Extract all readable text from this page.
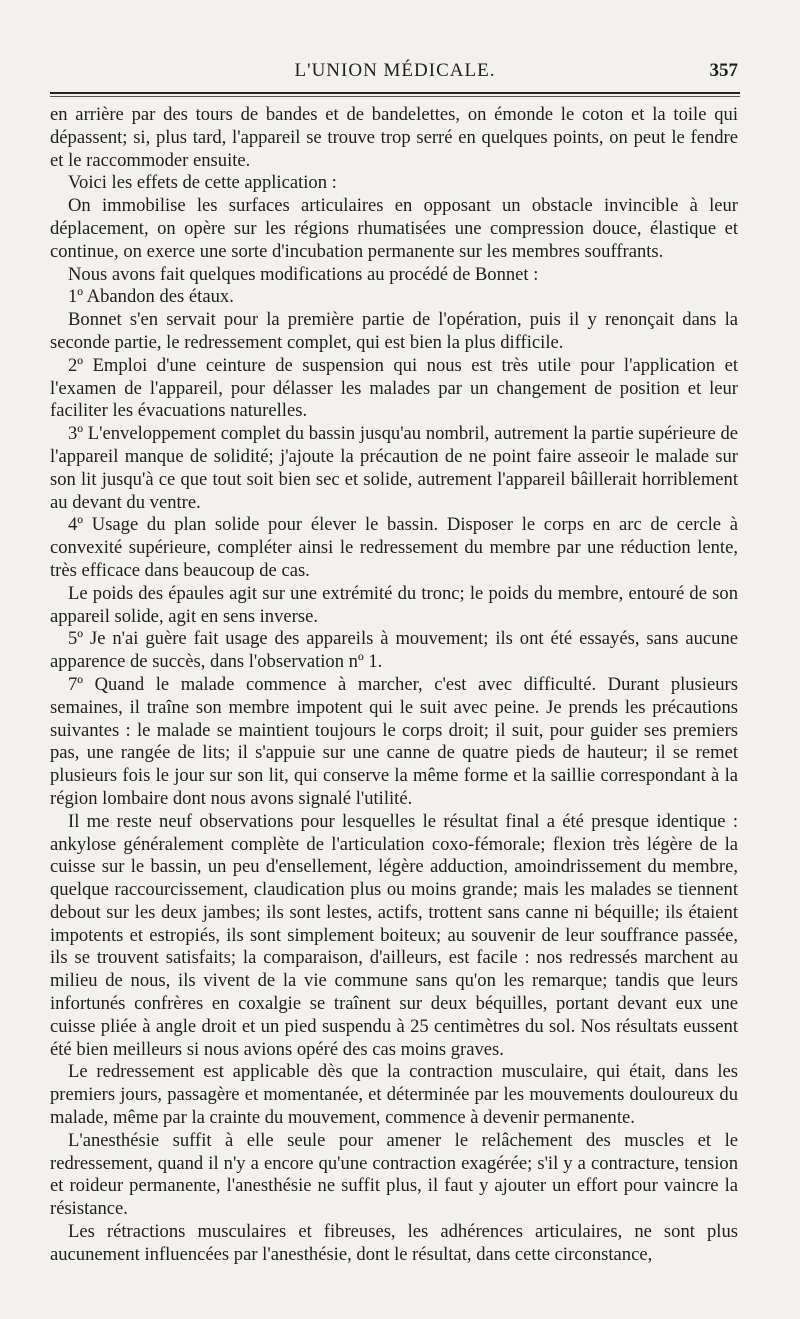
L'UNION MÉDICALE.	357

en arrière par des tours de bandes et de bandelettes, on émonde le coton et la toile qui dépassent; si, plus tard, l'appareil se trouve trop serré en quelques points, on peut le fendre et le raccommoder ensuite.

Voici les effets de cette application :

On immobilise les surfaces articulaires en opposant un obstacle invincible à leur déplacement, on opère sur les régions rhumatisées une compression douce, élastique et continue, on exerce une sorte d'incubation permanente sur les membres souffrants.

Nous avons fait quelques modifications au procédé de Bonnet :

1º Abandon des étaux.

Bonnet s'en servait pour la première partie de l'opération, puis il y renonçait dans la seconde partie, le redressement complet, qui est bien la plus difficile.

2º Emploi d'une ceinture de suspension qui nous est très utile pour l'application et l'examen de l'appareil, pour délasser les malades par un changement de position et leur faciliter les évacuations naturelles.

3º L'enveloppement complet du bassin jusqu'au nombril, autrement la partie supérieure de l'appareil manque de solidité; j'ajoute la précaution de ne point faire asseoir le malade sur son lit jusqu'à ce que tout soit bien sec et solide, autrement l'appareil bâillerait horriblement au devant du ventre.

4º Usage du plan solide pour élever le bassin. Disposer le corps en arc de cercle à convexité supérieure, compléter ainsi le redressement du membre par une réduction lente, très efficace dans beaucoup de cas.

Le poids des épaules agit sur une extrémité du tronc; le poids du membre, entouré de son appareil solide, agit en sens inverse.

5º Je n'ai guère fait usage des appareils à mouvement; ils ont été essayés, sans aucune apparence de succès, dans l'observation nº 1.

7º Quand le malade commence à marcher, c'est avec difficulté. Durant plusieurs semaines, il traîne son membre impotent qui le suit avec peine. Je prends les précautions suivantes : le malade se maintient toujours le corps droit; il suit, pour guider ses premiers pas, une rangée de lits; il s'appuie sur une canne de quatre pieds de hauteur; il se remet plusieurs fois le jour sur son lit, qui conserve la même forme et la saillie correspondant à la région lombaire dont nous avons signalé l'utilité.

Il me reste neuf observations pour lesquelles le résultat final a été presque identique : ankylose généralement complète de l'articulation coxo-fémorale; flexion très légère de la cuisse sur le bassin, un peu d'ensellement, légère adduction, amoindrissement du membre, quelque raccourcissement, claudication plus ou moins grande; mais les malades se tiennent debout sur les deux jambes; ils sont lestes, actifs, trottent sans canne ni béquille; ils étaient impotents et estropiés, ils sont simplement boiteux; au souvenir de leur souffrance passée, ils se trouvent satisfaits; la comparaison, d'ailleurs, est facile : nos redressés marchent au milieu de nous, ils vivent de la vie commune sans qu'on les remarque; tandis que leurs infortunés confrères en coxalgie se traînent sur deux béquilles, portant devant eux une cuisse pliée à angle droit et un pied suspendu à 25 centimètres du sol. Nos résultats eussent été bien meilleurs si nous avions opéré des cas moins graves.

Le redressement est applicable dès que la contraction musculaire, qui était, dans les premiers jours, passagère et momentanée, et déterminée par les mouvements douloureux du malade, même par la crainte du mouvement, commence à devenir permanente.

L'anesthésie suffit à elle seule pour amener le relâchement des muscles et le redressement, quand il n'y a encore qu'une contraction exagérée; s'il y a contracture, tension et roideur permanente, l'anesthésie ne suffit plus, il faut y ajouter un effort pour vaincre la résistance.

Les rétractions musculaires et fibreuses, les adhérences articulaires, ne sont plus aucunement influencées par l'anesthésie, dont le résultat, dans cette circonstance,
